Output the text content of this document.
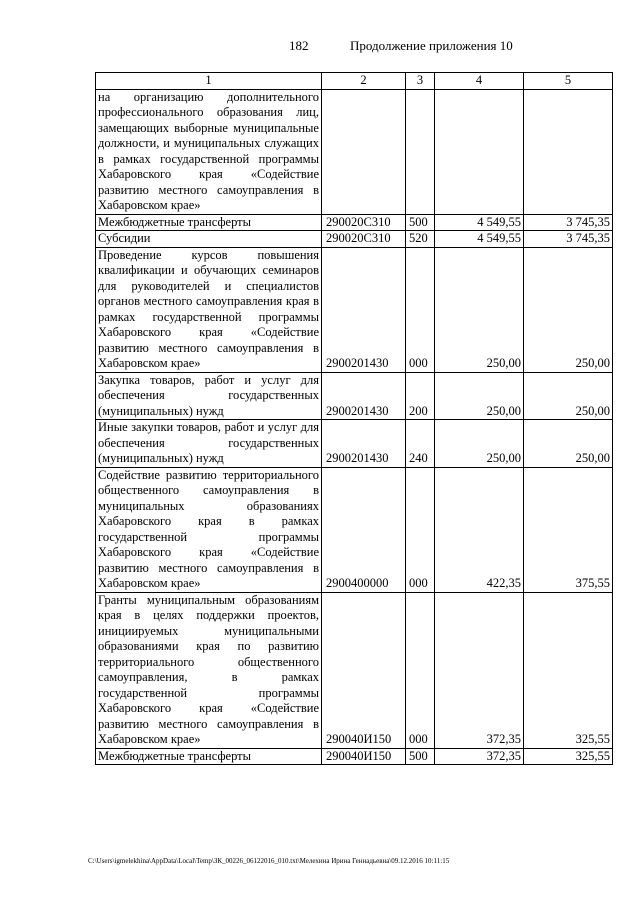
182	Продолжение приложения 10
1	2	3	4	5
на организацию дополнительного профессионального образования лиц, замещающих выборные муниципальные должности, и муниципальных служащих в рамках государственной программы Хабаровского края «Содействие развитию местного самоуправления в Хабаровском крае»				
Межбюджетные трансферты	290020С310	500	4 549,55	3 745,35
Субсидии	290020С310	520	4 549,55	3 745,35
Проведение курсов повышения квалификации и обучающих семинаров для руководителей и специалистов органов местного самоуправления края в рамках государственной программы Хабаровского края «Содействие развитию местного самоуправления в Хабаровском крае»	2900201430	000	250,00	250,00
Закупка товаров, работ и услуг для обеспечения государственных (муниципальных) нужд	2900201430	200	250,00	250,00
Иные закупки товаров, работ и услуг для обеспечения государственных (муниципальных) нужд	2900201430	240	250,00	250,00
Содействие развитию территориального общественного самоуправления в муниципальных образованиях Хабаровского края в рамках государственной программы Хабаровского края «Содействие развитию местного самоуправления в Хабаровском крае»	2900400000	000	422,35	375,55
Гранты муниципальным образованиям края в целях поддержки проектов, инициируемых муниципальными образованиями края по развитию территориального общественного самоуправления, в рамках государственной программы Хабаровского края «Содействие развитию местного самоуправления в Хабаровском крае»	290040И150	000	372,35	325,55
Межбюджетные трансферты	290040И150	500	372,35	325,55
C:\Users\igmelekhina\AppData\Local\Temp\ЗК_00226_06122016_010.txt\Мелехина Ирина Геннадьевна\09.12.2016 10:11:15
